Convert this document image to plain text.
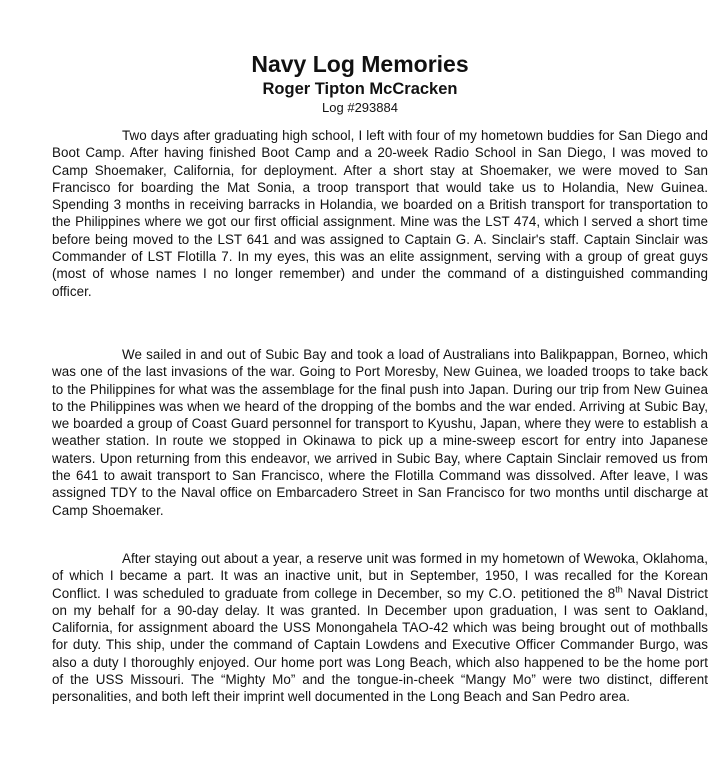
Navy Log Memories
Roger Tipton McCracken
Log #293884

Two days after graduating high school, I left with four of my hometown buddies for San Diego and Boot Camp. After having finished Boot Camp and a 20-week Radio School in San Diego, I was moved to Camp Shoemaker, California, for deployment. After a short stay at Shoemaker, we were moved to San Francisco for boarding the Mat Sonia, a troop transport that would take us to Holandia, New Guinea. Spending 3 months in receiving barracks in Holandia, we boarded on a British transport for transportation to the Philippines where we got our first official assignment. Mine was the LST 474, which I served a short time before being moved to the LST 641 and was assigned to Captain G. A. Sinclair's staff. Captain Sinclair was Commander of LST Flotilla 7. In my eyes, this was an elite assignment, serving with a group of great guys (most of whose names I no longer remember) and under the command of a distinguished commanding officer.

We sailed in and out of Subic Bay and took a load of Australians into Balikpappan, Borneo, which was one of the last invasions of the war. Going to Port Moresby, New Guinea, we loaded troops to take back to the Philippines for what was the assemblage for the final push into Japan. During our trip from New Guinea to the Philippines was when we heard of the dropping of the bombs and the war ended. Arriving at Subic Bay, we boarded a group of Coast Guard personnel for transport to Kyushu, Japan, where they were to establish a weather station. In route we stopped in Okinawa to pick up a mine-sweep escort for entry into Japanese waters. Upon returning from this endeavor, we arrived in Subic Bay, where Captain Sinclair removed us from the 641 to await transport to San Francisco, where the Flotilla Command was dissolved. After leave, I was assigned TDY to the Naval office on Embarcadero Street in San Francisco for two months until discharge at Camp Shoemaker.

After staying out about a year, a reserve unit was formed in my hometown of Wewoka, Oklahoma, of which I became a part. It was an inactive unit, but in September, 1950, I was recalled for the Korean Conflict. I was scheduled to graduate from college in December, so my C.O. petitioned the 8th Naval District on my behalf for a 90-day delay. It was granted. In December upon graduation, I was sent to Oakland, California, for assignment aboard the USS Monongahela TAO-42 which was being brought out of mothballs for duty. This ship, under the command of Captain Lowdens and Executive Officer Commander Burgo, was also a duty I thoroughly enjoyed. Our home port was Long Beach, which also happened to be the home port of the USS Missouri. The “Mighty Mo” and the tongue-in-cheek “Mangy Mo” were two distinct, different personalities, and both left their imprint well documented in the Long Beach and San Pedro area.
